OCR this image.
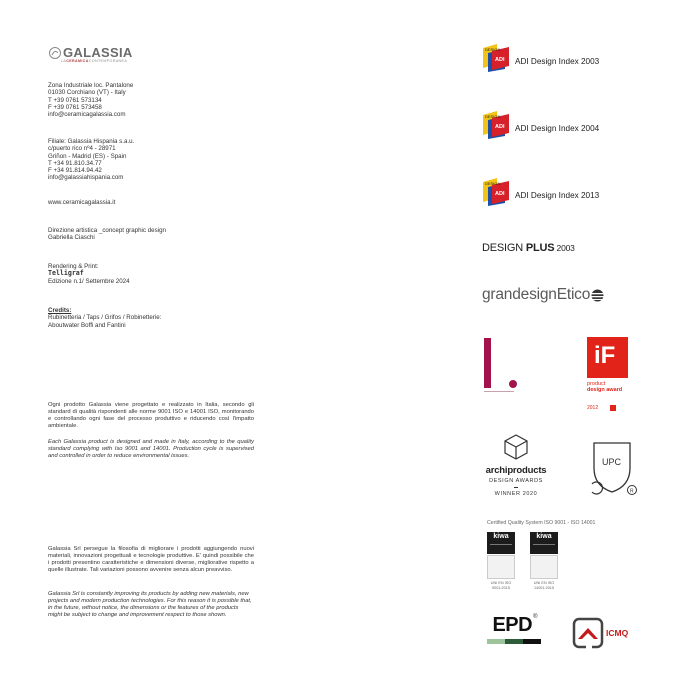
GALASSIA
LACERAMICACONTEMPORANEA
Zona Industriale loc. Pantalone
01030 Corchiano (VT) - Italy
T +39 0761 573134
F +39 0761 573458
info@ceramicagalassia.com
Filiale: Galassia Hispania s.a.u.
c/puerto rico nº4 - 28971
Griñon - Madrid (ES) - Spain
T +34 91.810.34.77
F +34 91.814.94.42
info@galassiahispania.com
www.ceramicagalassia.it
Direzione artistica _concept graphic design
Gabriella Ciaschi
Rendering & Print:
Telligraf
Edizione n.1/ Settembre 2024
Credits:
Rubinetteria / Taps / Grifos / Robinetterie:
Aboutwater Boffi and Fantini
Ogni prodotto Galassia viene progettato e realizzato in Italia, secondo gli standard di qualità rispondenti alle norme 9001 ISO e 14001 ISO, monitorando e controllando ogni fase del processo produttivo e riducendo così l'impatto ambientale.
Each Galassia product is designed and made in Italy, according to the quality standard complying with Iso 9001 and 14001. Production cycle is supervised and controlled in order to reduce environmental issues.
Galassia Srl persegue la filosofia di migliorare i prodotti aggiungendo nuovi materiali, innovazioni progettuali e tecnologie produttive. E' quindi possibile che i prodotti presentino caratteristiche e dimensioni diverse, migliorative rispetto a quelle illustrate. Tali variazioni possono avvenire senza alcun preavviso.
Galassia Srl is constantly improving its products by adding new materials, new projects and modern production technologies. For this reason it is possible that, in the future, without notice, the dimensions or the features of the products might be subject to change and improvement respect to those shown.
DESIGN
ADI ADI Design Index 2003
DESIGN
ADI ADI Design Index 2004
DESIGN
ADI ADI Design Index 2013
DESIGN PLUS 2003
grandesignEtico
iF
product
design award
2012
archiproducts
DESIGN AWARDS
WINNER 2020
UPC
R
Certified Quality System ISO 9001 - ISO 14001
kiwa
UNI EN ISO 9001:2015
kiwa
UNI EN ISO 14001:2015
EPD ®
ICMQ
